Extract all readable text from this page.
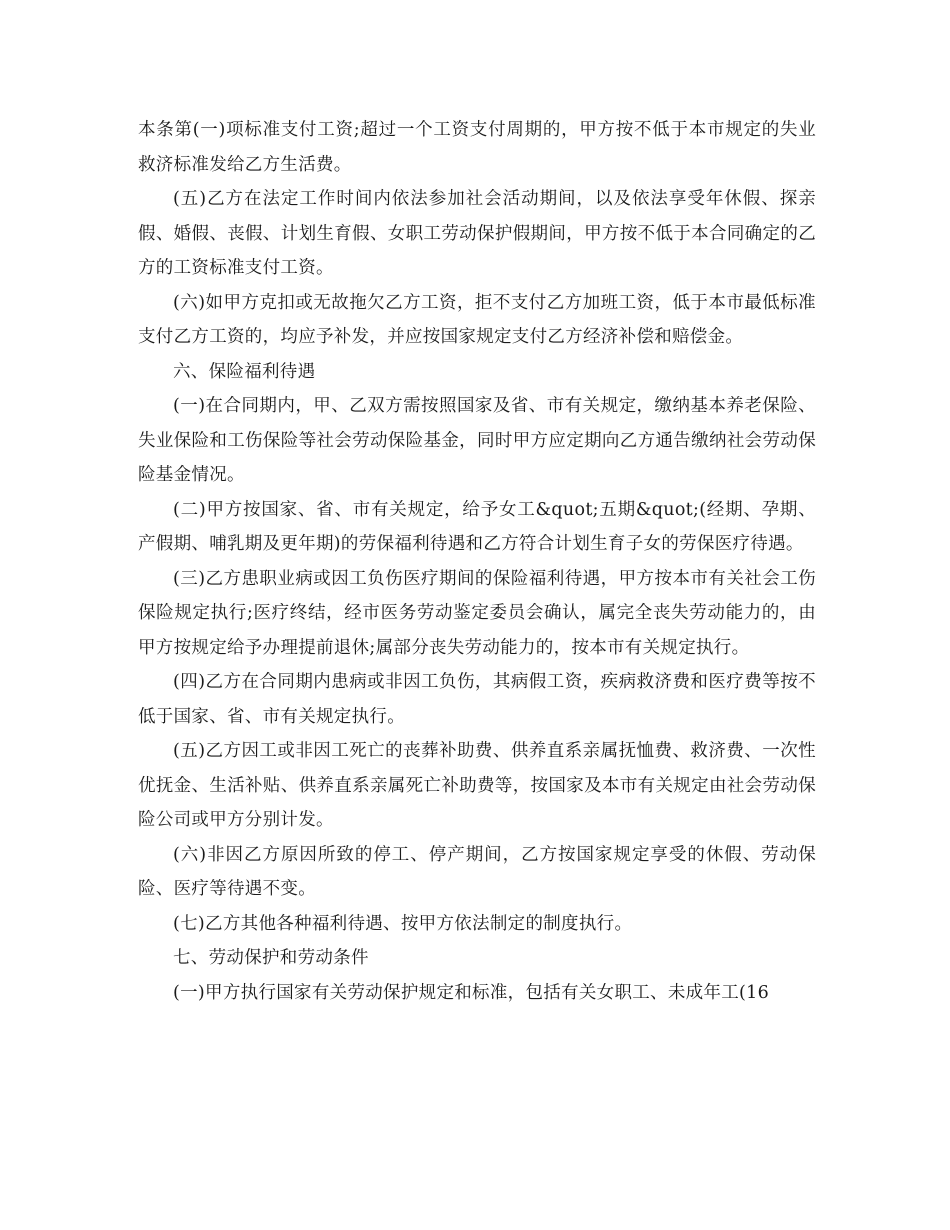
本条第(一)项标准支付工资;超过一个工资支付周期的，甲方按不低于本市规定的失业救济标准发给乙方生活费。

(五)乙方在法定工作时间内依法参加社会活动期间，以及依法享受年休假、探亲假、婚假、丧假、计划生育假、女职工劳动保护假期间，甲方按不低于本合同确定的乙方的工资标准支付工资。

(六)如甲方克扣或无故拖欠乙方工资，拒不支付乙方加班工资，低于本市最低标准支付乙方工资的，均应予补发，并应按国家规定支付乙方经济补偿和赔偿金。

六、保险福利待遇

(一)在合同期内，甲、乙双方需按照国家及省、市有关规定，缴纳基本养老保险、失业保险和工伤保险等社会劳动保险基金，同时甲方应定期向乙方通告缴纳社会劳动保险基金情况。

(二)甲方按国家、省、市有关规定，给予女工&quot;五期&quot;(经期、孕期、产假期、哺乳期及更年期)的劳保福利待遇和乙方符合计划生育子女的劳保医疗待遇。

(三)乙方患职业病或因工负伤医疗期间的保险福利待遇，甲方按本市有关社会工伤保险规定执行;医疗终结，经市医务劳动鉴定委员会确认，属完全丧失劳动能力的，由甲方按规定给予办理提前退休;属部分丧失劳动能力的，按本市有关规定执行。

(四)乙方在合同期内患病或非因工负伤，其病假工资，疾病救济费和医疗费等按不低于国家、省、市有关规定执行。

(五)乙方因工或非因工死亡的丧葬补助费、供养直系亲属抚恤费、救济费、一次性优抚金、生活补贴、供养直系亲属死亡补助费等，按国家及本市有关规定由社会劳动保险公司或甲方分别计发。

(六)非因乙方原因所致的停工、停产期间，乙方按国家规定享受的休假、劳动保险、医疗等待遇不变。

(七)乙方其他各种福利待遇、按甲方依法制定的制度执行。

七、劳动保护和劳动条件

(一)甲方执行国家有关劳动保护规定和标准，包括有关女职工、未成年工(16
